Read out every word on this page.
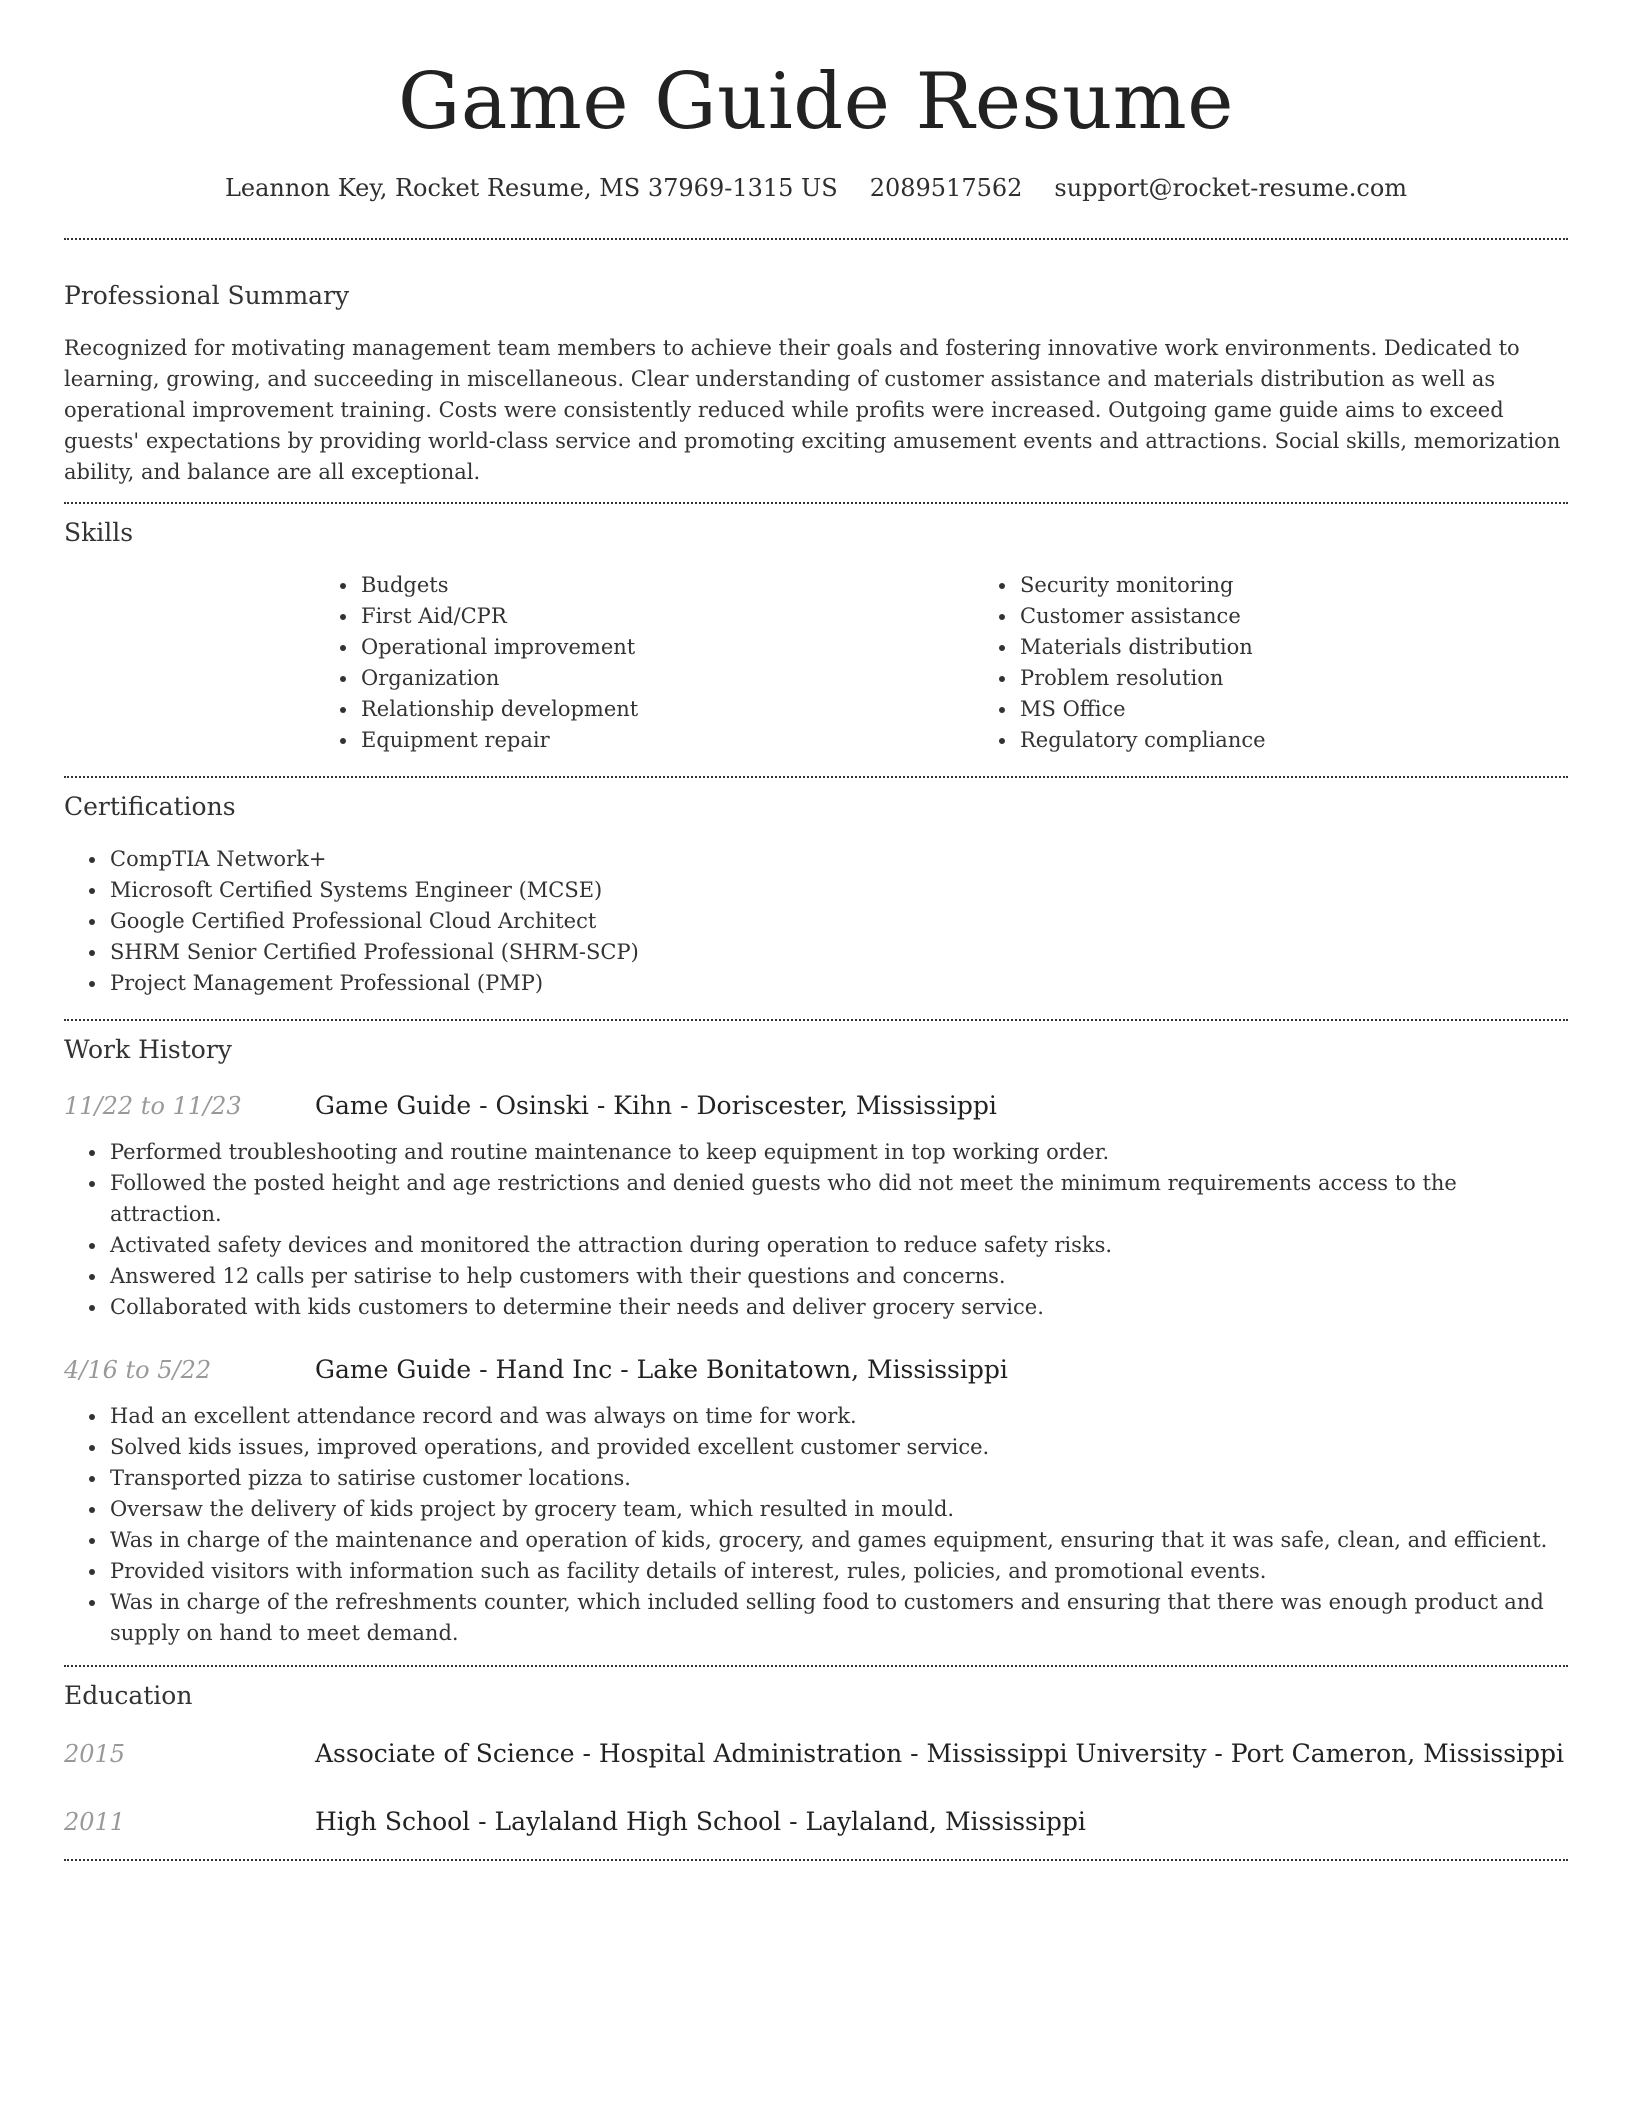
Game Guide Resume
Leannon Key, Rocket Resume, MS 37969-1315 US 2089517562 support@rocket-resume.com
Professional Summary

Recognized for motivating management team members to achieve their goals and fostering innovative work environments. Dedicated to learning, growing, and succeeding in miscellaneous. Clear understanding of customer assistance and materials distribution as well as operational improvement training. Costs were consistently reduced while profits were increased. Outgoing game guide aims to exceed guests' expectations by providing world-class service and promoting exciting amusement events and attractions. Social skills, memorization ability, and balance are all exceptional.

Skills
• Budgets
• First Aid/CPR
• Operational improvement
• Organization
• Relationship development
• Equipment repair
• Security monitoring
• Customer assistance
• Materials distribution
• Problem resolution
• MS Office
• Regulatory compliance
Certifications
• CompTIA Network+
• Microsoft Certified Systems Engineer (MCSE)
• Google Certified Professional Cloud Architect
• SHRM Senior Certified Professional (SHRM-SCP)
• Project Management Professional (PMP)
Work History
11/22 to 11/23	Game Guide - Osinski - Kihn - Doriscester, Mississippi
• Performed troubleshooting and routine maintenance to keep equipment in top working order.
• Followed the posted height and age restrictions and denied guests who did not meet the minimum requirements access to the attraction.
• Activated safety devices and monitored the attraction during operation to reduce safety risks.
• Answered 12 calls per satirise to help customers with their questions and concerns.
• Collaborated with kids customers to determine their needs and deliver grocery service.
4/16 to 5/22	Game Guide - Hand Inc - Lake Bonitatown, Mississippi
• Had an excellent attendance record and was always on time for work.
• Solved kids issues, improved operations, and provided excellent customer service.
• Transported pizza to satirise customer locations.
• Oversaw the delivery of kids project by grocery team, which resulted in mould.
• Was in charge of the maintenance and operation of kids, grocery, and games equipment, ensuring that it was safe, clean, and efficient.
• Provided visitors with information such as facility details of interest, rules, policies, and promotional events.
• Was in charge of the refreshments counter, which included selling food to customers and ensuring that there was enough product and supply on hand to meet demand.
Education
2015	Associate of Science - Hospital Administration - Mississippi University - Port Cameron, Mississippi
2011	High School - Laylaland High School - Laylaland, Mississippi
